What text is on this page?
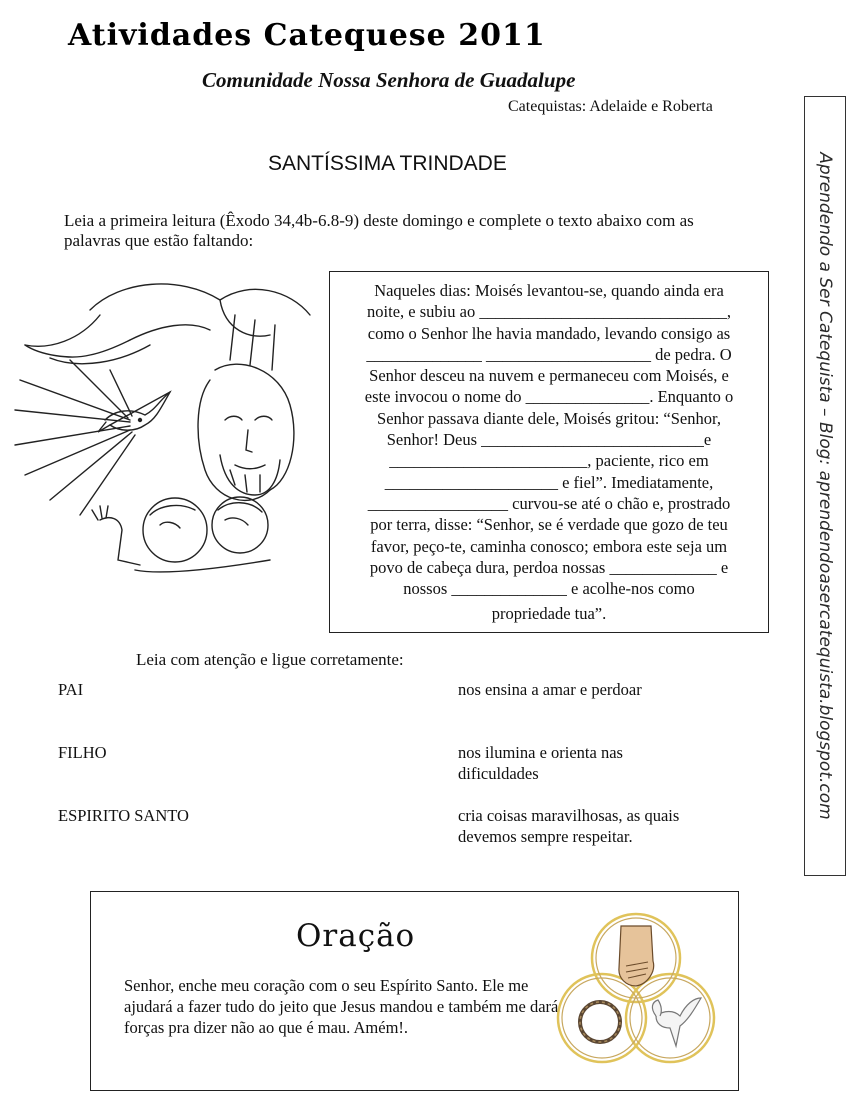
Atividades Catequese 2011
Comunidade Nossa Senhora de Guadalupe
Catequistas: Adelaide e Roberta
Aprendendo a Ser Catequista – Blog: aprendendoasercatequista.blogspot.com
SANTÍSSIMA TRINDADE
Leia a primeira leitura (Êxodo 34,4b-6.8-9) deste domingo e complete o texto abaixo com as palavras que estão faltando:

Naqueles dias: Moisés levantou-se, quando ainda era

noite, e subiu ao ______________________________,

como o Senhor lhe havia mandado, levando consigo as

______________ ____________________ de pedra. O

Senhor desceu na nuvem e permaneceu com Moisés, e

este invocou o nome do _______________. Enquanto o

Senhor passava diante dele, Moisés gritou: “Senhor,

Senhor! Deus ___________________________e

________________________, paciente, rico em

_____________________ e fiel”. Imediatamente,

_________________ curvou-se até o chão e, prostrado

por terra, disse: “Senhor, se é verdade que gozo de teu

favor, peço-te, caminha conosco; embora este seja um

povo de cabeça dura, perdoa nossas _____________ e

nossos ______________ e acolhe-nos como

propriedade tua”.

Leia com atenção e ligue corretamente:
PAI
FILHO
ESPIRITO SANTO
nos ensina a amar e perdoar
nos ilumina e orienta nas dificuldades
cria coisas maravilhosas, as quais devemos sempre respeitar.
Oração
Senhor, enche meu coração com o seu Espírito Santo. Ele me ajudará a fazer tudo do jeito que Jesus mandou e também me dará forças pra dizer não ao que é mau. Amém!.
